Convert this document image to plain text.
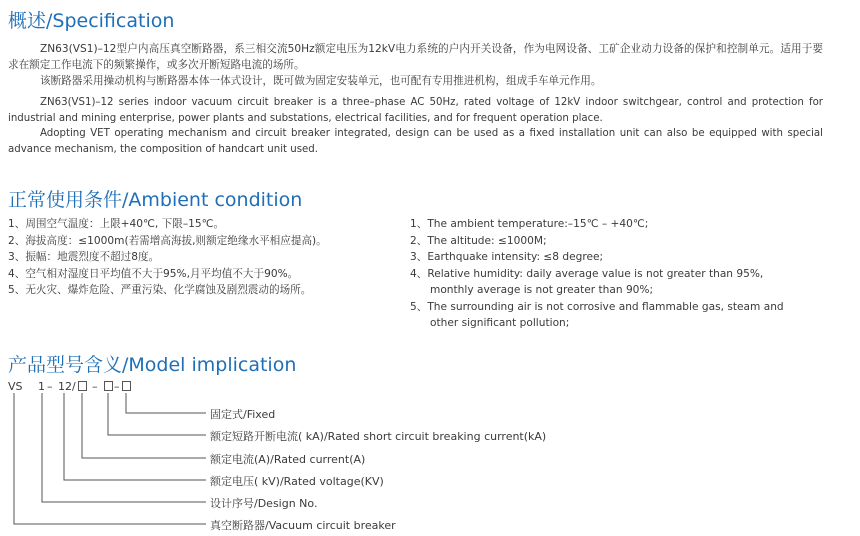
概述/Specification

ZN63(VS1)–12型户内高压真空断路器，系三相交流50Hz额定电压为12kV电力系统的户内开关设备，作为电网设备、工矿企业动力设备的保护和控制单元。适用于要求在额定工作电流下的频繁操作，或多次开断短路电流的场所。

该断路器采用操动机构与断路器本体一体式设计，既可做为固定安装单元，也可配有专用推进机构，组成手车单元作用。

ZN63(VS1)–12 series indoor vacuum circuit breaker is a three–phase AC 50Hz, rated voltage of 12kV indoor switchgear, control and protection for industrial and mining enterprise, power plants and substations, electrical facilities, and for frequent operation place.

Adopting VET operating mechanism and circuit breaker integrated, design can be used as a fixed installation unit can also be equipped with special advance mechanism, the composition of handcart unit used.

正常使用条件/Ambient condition
1、周围空气温度：上限+40℃, 下限–15℃。
2、海拔高度：≤1000m(若需增高海拔,则额定绝缘水平相应提高)。
3、振幅：地震烈度不超过8度。
4、空气相对湿度日平均值不大于95%,月平均值不大于90%。
5、无火灾、爆炸危险、严重污染、化学腐蚀及剧烈震动的场所。
1、The ambient temperature:–15℃ – +40℃;
2、The altitude: ≤1000M;
3、Earthquake intensity: ≤8 degree;
4、Relative humidity: daily average value is not greater than 95%, monthly average is not greater than 90%;
5、The surrounding air is not corrosive and flammable gas, steam and other significant pollution;
产品型号含义/Model implication
VS 1 – 12/ – –
固定式/Fixed
额定短路开断电流( kA)/Rated short circuit breaking current(kA)
额定电流(A)/Rated current(A)
额定电压( kV)/Rated voltage(KV)
设计序号/Design No.
真空断路器/Vacuum circuit breaker
